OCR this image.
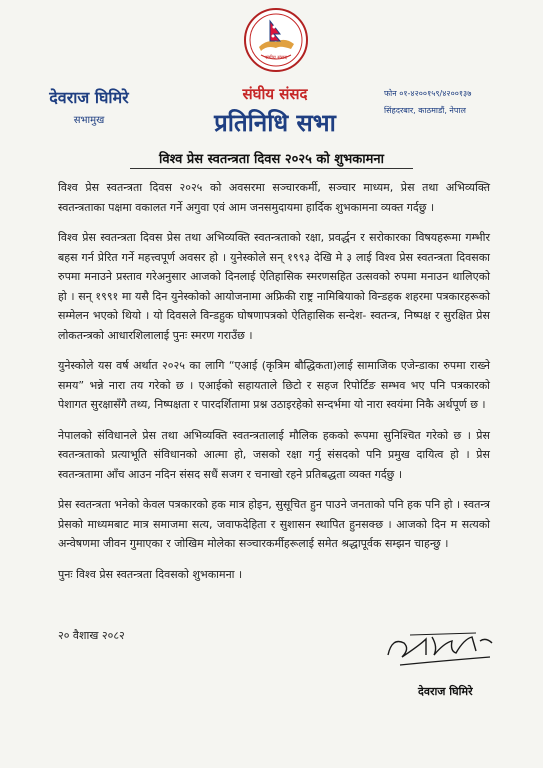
संघीय संसद
देवराज घिमिरे
सभामुख
संघीय संसद
प्रतिनिधि सभा
फोन ०१-४२००१५९/४२००१३७
सिंहदरबार, काठमाडौं, नेपाल
विश्व प्रेस स्वतन्त्रता दिवस २०२५ को शुभकामना

विश्व प्रेस स्वतन्त्रता दिवस २०२५ को अवसरमा सञ्चारकर्मी, सञ्चार माध्यम, प्रेस तथा अभिव्यक्ति स्वतन्त्रताका पक्षमा वकालत गर्ने अगुवा एवं आम जनसमुदायमा हार्दिक शुभकामना व्यक्त गर्दछु ।

विश्व प्रेस स्वतन्त्रता दिवस प्रेस तथा अभिव्यक्ति स्वतन्त्रताको रक्षा, प्रवर्द्धन र सरोकारका विषयहरूमा गम्भीर बहस गर्न प्रेरित गर्ने महत्त्वपूर्ण अवसर हो । युनेस्कोले सन् १९९३ देखि मे ३ लाई विश्व प्रेस स्वतन्त्रता दिवसका रुपमा मनाउने प्रस्ताव गरेअनुसार आजको दिनलाई ऐतिहासिक स्मरणसहित उत्सवको रुपमा मनाउन थालिएको हो । सन् १९९१ मा यसै दिन युनेस्कोको आयोजनामा अफ्रिकी राष्ट्र नामिबियाको विन्डहक शहरमा पत्रकारहरूको सम्मेलन भएको थियो । यो दिवसले विन्डहुक घोषणापत्रको ऐतिहासिक सन्देश- स्वतन्त्र, निष्पक्ष र सुरक्षित प्रेस लोकतन्त्रको आधारशिलालाई पुनः स्मरण गराउँछ ।

युनेस्कोले यस वर्ष अर्थात २०२५ का लागि “एआई (कृत्रिम बौद्धिकता)लाई सामाजिक एजेन्डाका रुपमा राख्ने समय” भन्ने नारा तय गरेको छ । एआईको सहायताले छिटो र सहज रिपोर्टिङ सम्भव भए पनि पत्रकारको पेशागत सुरक्षासँगै तथ्य, निष्पक्षता र पारदर्शितामा प्रश्न उठाइरहेको सन्दर्भमा यो नारा स्वयंमा निकै अर्थपूर्ण छ ।

नेपालको संविधानले प्रेस तथा अभिव्यक्ति स्वतन्त्रतालाई मौलिक हकको रूपमा सुनिश्चित गरेको छ । प्रेस स्वतन्त्रताको प्रत्याभूति संविधानको आत्मा हो, जसको रक्षा गर्नु संसदको पनि प्रमुख दायित्व हो । प्रेस स्वतन्त्रतामा आँच आउन नदिन संसद सधैं सजग र चनाखो रहने प्रतिबद्धता व्यक्त गर्दछु ।

प्रेस स्वतन्त्रता भनेको केवल पत्रकारको हक मात्र होइन, सुसूचित हुन पाउने जनताको पनि हक पनि हो । स्वतन्त्र प्रेसको माध्यमबाट मात्र समाजमा सत्य, जवाफदेहिता र सुशासन स्थापित हुनसक्छ । आजको दिन म सत्यको अन्वेषणमा जीवन गुमाएका र जोखिम मोलेका सञ्चारकर्मीहरूलाई समेत श्रद्धापूर्वक सम्झन चाहन्छु ।

पुनः विश्व प्रेस स्वतन्त्रता दिवसको शुभकामना ।

२० वैशाख २०८२
देवराज घिमिरे
